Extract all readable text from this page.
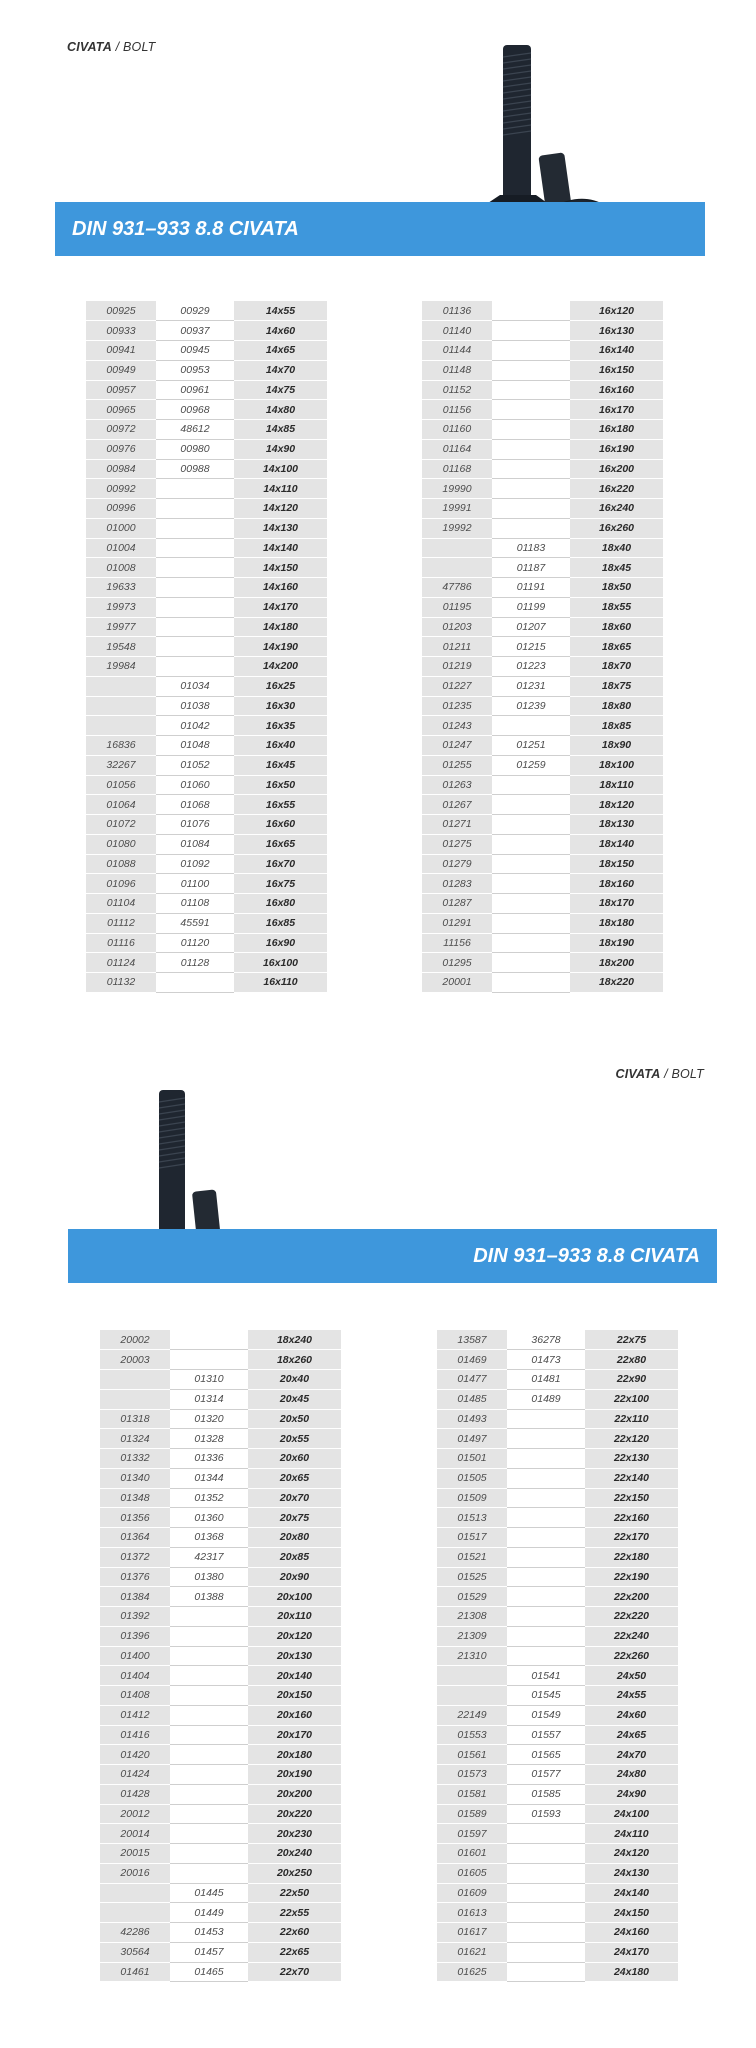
CIVATA / BOLT
DIN 931–933 8.8 CIVATA
00925	00929	14x55
00933	00937	14x60
00941	00945	14x65
00949	00953	14x70
00957	00961	14x75
00965	00968	14x80
00972	48612	14x85
00976	00980	14x90
00984	00988	14x100
00992		14x110
00996		14x120
01000		14x130
01004		14x140
01008		14x150
19633		14x160
19973		14x170
19977		14x180
19548		14x190
19984		14x200
	01034	16x25
	01038	16x30
	01042	16x35
16836	01048	16x40
32267	01052	16x45
01056	01060	16x50
01064	01068	16x55
01072	01076	16x60
01080	01084	16x65
01088	01092	16x70
01096	01100	16x75
01104	01108	16x80
01112	45591	16x85
01116	01120	16x90
01124	01128	16x100
01132		16x110
01136		16x120
01140		16x130
01144		16x140
01148		16x150
01152		16x160
01156		16x170
01160		16x180
01164		16x190
01168		16x200
19990		16x220
19991		16x240
19992		16x260
	01183	18x40
	01187	18x45
47786	01191	18x50
01195	01199	18x55
01203	01207	18x60
01211	01215	18x65
01219	01223	18x70
01227	01231	18x75
01235	01239	18x80
01243		18x85
01247	01251	18x90
01255	01259	18x100
01263		18x110
01267		18x120
01271		18x130
01275		18x140
01279		18x150
01283		18x160
01287		18x170
01291		18x180
11156		18x190
01295		18x200
20001		18x220
CIVATA / BOLT
DIN 931–933 8.8 CIVATA
20002		18x240
20003		18x260
	01310	20x40
	01314	20x45
01318	01320	20x50
01324	01328	20x55
01332	01336	20x60
01340	01344	20x65
01348	01352	20x70
01356	01360	20x75
01364	01368	20x80
01372	42317	20x85
01376	01380	20x90
01384	01388	20x100
01392		20x110
01396		20x120
01400		20x130
01404		20x140
01408		20x150
01412		20x160
01416		20x170
01420		20x180
01424		20x190
01428		20x200
20012		20x220
20014		20x230
20015		20x240
20016		20x250
	01445	22x50
	01449	22x55
42286	01453	22x60
30564	01457	22x65
01461	01465	22x70
13587	36278	22x75
01469	01473	22x80
01477	01481	22x90
01485	01489	22x100
01493		22x110
01497		22x120
01501		22x130
01505		22x140
01509		22x150
01513		22x160
01517		22x170
01521		22x180
01525		22x190
01529		22x200
21308		22x220
21309		22x240
21310		22x260
	01541	24x50
	01545	24x55
22149	01549	24x60
01553	01557	24x65
01561	01565	24x70
01573	01577	24x80
01581	01585	24x90
01589	01593	24x100
01597		24x110
01601		24x120
01605		24x130
01609		24x140
01613		24x150
01617		24x160
01621		24x170
01625		24x180
